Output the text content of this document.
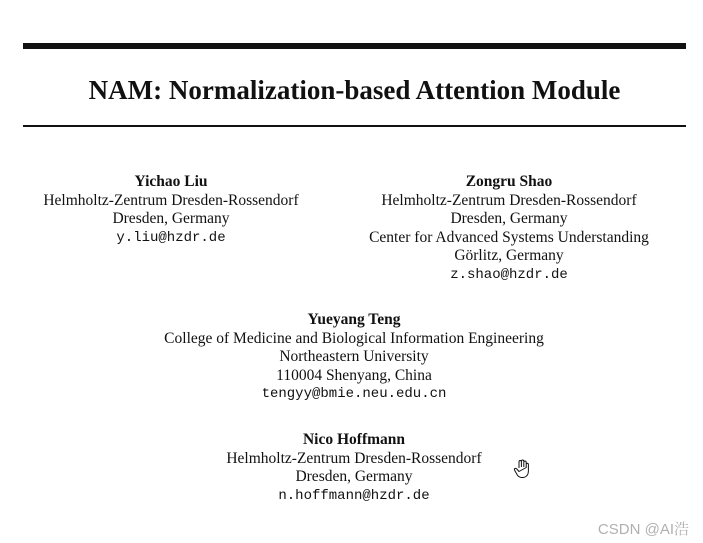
NAM: Normalization-based Attention Module
Yichao Liu
Helmholtz-Zentrum Dresden-Rossendorf
Dresden, Germany
y.liu@hzdr.de
Zongru Shao
Helmholtz-Zentrum Dresden-Rossendorf
Dresden, Germany
Center for Advanced Systems Understanding
Görlitz, Germany
z.shao@hzdr.de
Yueyang Teng
College of Medicine and Biological Information Engineering
Northeastern University
110004 Shenyang, China
tengyy@bmie.neu.edu.cn
Nico Hoffmann
Helmholtz-Zentrum Dresden-Rossendorf
Dresden, Germany
n.hoffmann@hzdr.de
CSDN @AI浩
